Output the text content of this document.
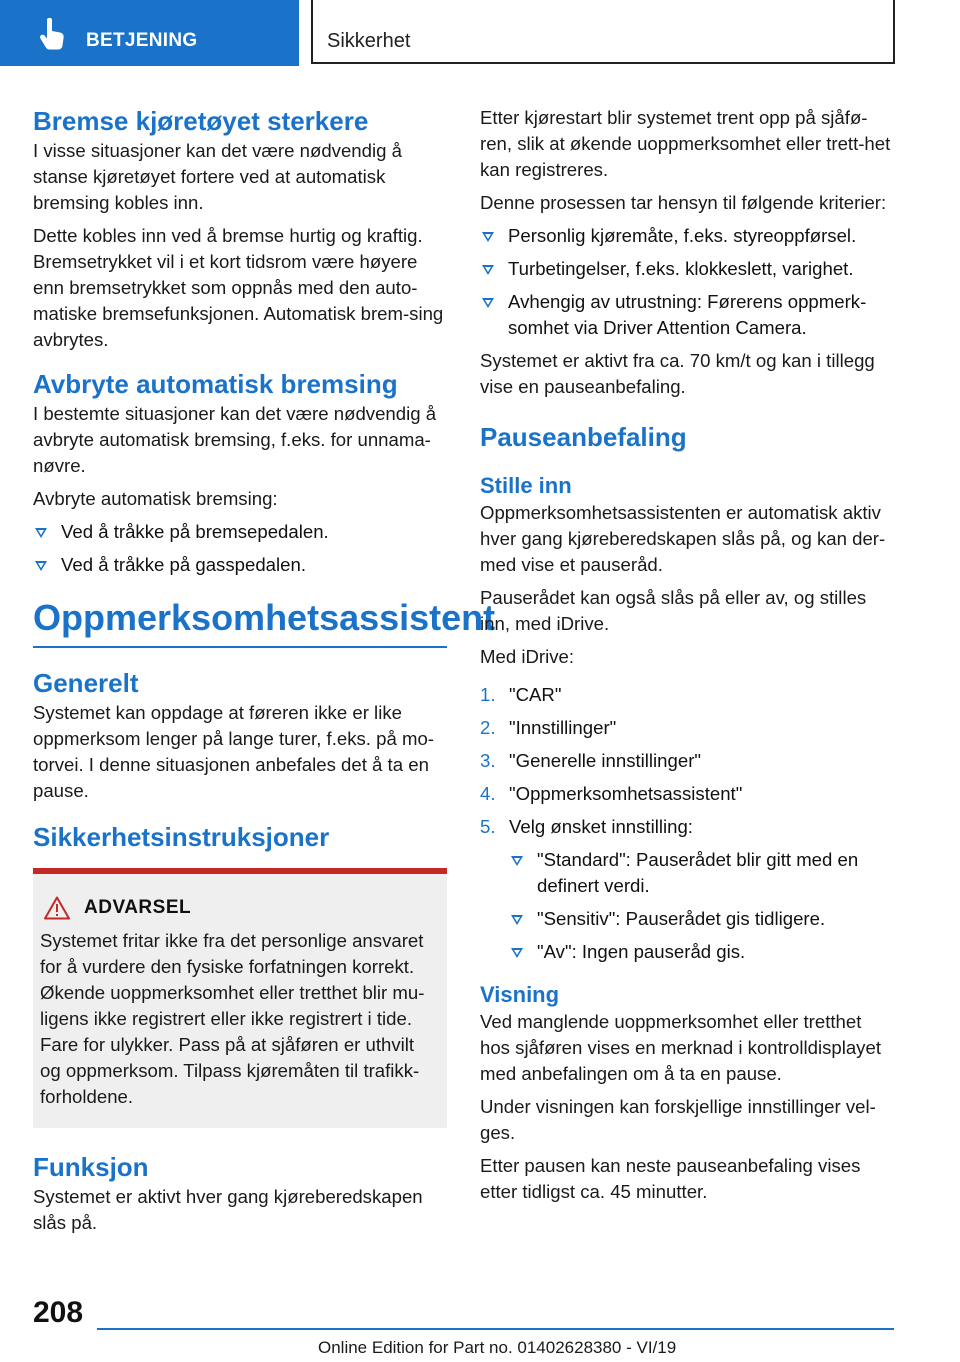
BETJENING	Sikkerhet
Bremse kjøretøyet sterkere

I visse situasjoner kan det være nødvendig å stanse kjøretøyet fortere ved at automatisk bremsing kobles inn.

Dette kobles inn ved å bremse hurtig og kraftig. Bremsetrykket vil i et kort tidsrom være høyere enn bremsetrykket som oppnås med den auto-matiske bremsefunksjonen. Automatisk brem-sing avbrytes.

Avbryte automatisk bremsing

I bestemte situasjoner kan det være nødvendig å avbryte automatisk bremsing, f.eks. for unnama-nøvre.

Avbryte automatisk bremsing:

Ved å tråkke på bremsepedalen.
Ved å tråkke på gasspedalen.
Oppmerksomhetsassistent
Generelt

Systemet kan oppdage at føreren ikke er like oppmerksom lenger på lange turer, f.eks. på mo-torvei. I denne situasjonen anbefales det å ta en pause.

Sikkerhetsinstruksjoner
ADVARSEL

Systemet fritar ikke fra det personlige ansvaret for å vurdere den fysiske forfatningen korrekt. Økende uoppmerksomhet eller tretthet blir mu-ligens ikke registrert eller ikke registrert i tide. Fare for ulykker. Pass på at sjåføren er uthvilt og oppmerksom. Tilpass kjøremåten til trafikk-forholdene.

Funksjon

Systemet er aktivt hver gang kjøreberedskapen slås på.

Etter kjørestart blir systemet trent opp på sjåfø-ren, slik at økende uoppmerksomhet eller trett-het kan registreres.

Denne prosessen tar hensyn til følgende kriterier:

Personlig kjøremåte, f.eks. styreoppførsel.
Turbetingelser, f.eks. klokkeslett, varighet.
Avhengig av utrustning: Førerens oppmerk-somhet via Driver Attention Camera.

Systemet er aktivt fra ca. 70 km/t og kan i tillegg vise en pauseanbefaling.

Pauseanbefaling
Stille inn

Oppmerksomhetsassistenten er automatisk aktiv hver gang kjøreberedskapen slås på, og kan der-med vise et pauseråd.

Pauserådet kan også slås på eller av, og stilles inn, med iDrive.

Med iDrive:

1. "CAR"
2. "Innstillinger"
3. "Generelle innstillinger"
4. "Oppmerksomhetsassistent"
5. Velg ønsket innstilling:
"Standard": Pauserådet blir gitt med en definert verdi.
"Sensitiv": Pauserådet gis tidligere.
"Av": Ingen pauseråd gis.
Visning

Ved manglende uoppmerksomhet eller tretthet hos sjåføren vises en merknad i kontrolldisplayet med anbefalingen om å ta en pause.

Under visningen kan forskjellige innstillinger vel-ges.

Etter pausen kan neste pauseanbefaling vises etter tidligst ca. 45 minutter.

208
Online Edition for Part no. 01402628380 - VI/19
